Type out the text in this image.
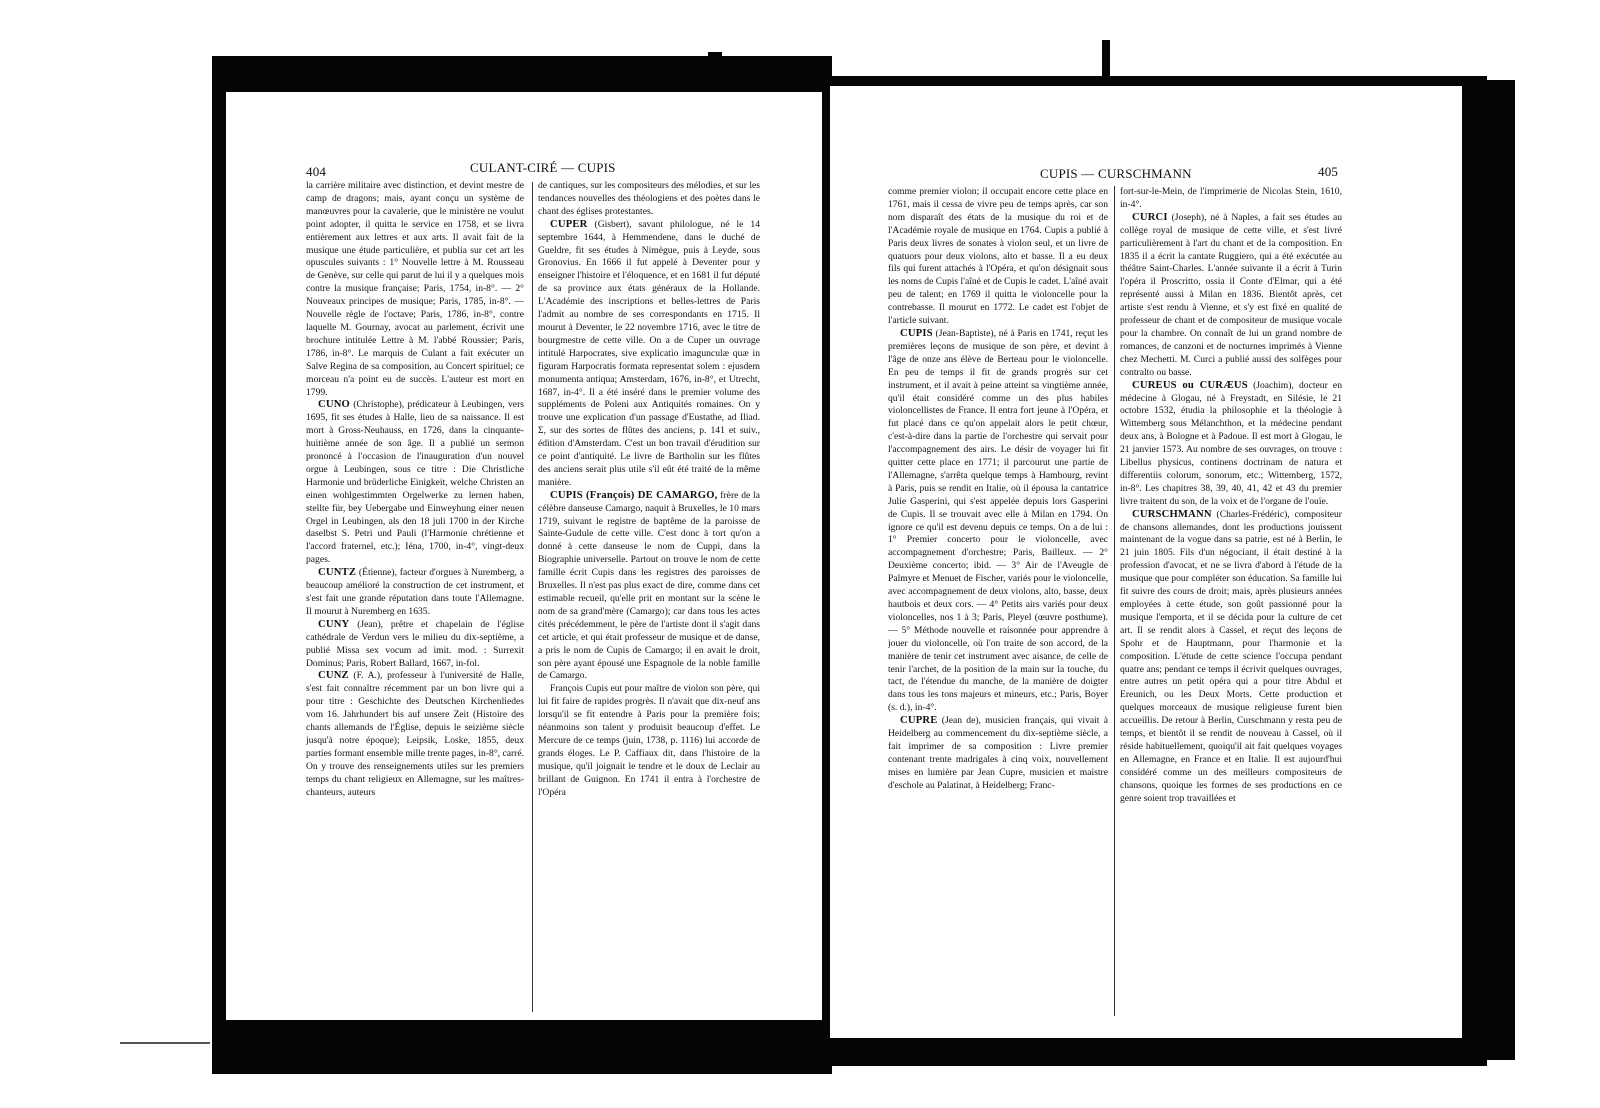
404	CULANT-CIRÉ — CUPIS

la carrière militaire avec distinction, et devint mestre de camp de dragons; mais, ayant conçu un système de manœuvres pour la cavalerie, que le ministère ne voulut point adopter, il quitta le service en 1758, et se livra entièrement aux lettres et aux arts. Il avait fait de la musique une étude particulière, et publia sur cet art les opuscules suivants : 1° Nouvelle lettre à M. Rousseau de Genève, sur celle qui parut de lui il y a quelques mois contre la musique française; Paris, 1754, in-8°. — 2° Nouveaux principes de musique; Paris, 1785, in-8°. — Nouvelle règle de l'octave; Paris, 1786, in-8°, contre laquelle M. Gournay, avocat au parlement, écrivit une brochure intitulée Lettre à M. l'abbé Roussier; Paris, 1786, in-8°. Le marquis de Culant a fait exécuter un Salve Regina de sa composition, au Concert spirituel; ce morceau n'a point eu de succès. L'auteur est mort en 1799.

CUNO (Christophe), prédicateur à Leubingen, vers 1695, fit ses études à Halle, lieu de sa naissance. Il est mort à Gross-Neuhauss, en 1726, dans la cinquante-huitième année de son âge. Il a publié un sermon prononcé à l'occasion de l'inauguration d'un nouvel orgue à Leubingen, sous ce titre : Die Christliche Harmonie und brüderliche Einigkeit, welche Christen an einen wohlgestimmten Orgelwerke zu lernen haben, stellte für, bey Uebergabe und Einweyhung einer neuen Orgel in Leubingen, als den 18 juli 1700 in der Kirche daselbst S. Petri und Pauli (l'Harmonie chrétienne et l'accord fraternel, etc.); Iéna, 1700, in-4°, vingt-deux pages.

CUNTZ (Étienne), facteur d'orgues à Nuremberg, a beaucoup amélioré la construction de cet instrument, et s'est fait une grande réputation dans toute l'Allemagne. Il mourut à Nuremberg en 1635.

CUNY (Jean), prêtre et chapelain de l'église cathédrale de Verdun vers le milieu du dix-septième, a publié Missa sex vocum ad imit. mod. : Surrexit Dominus; Paris, Robert Ballard, 1667, in-fol.

CUNZ (F. A.), professeur à l'université de Halle, s'est fait connaître récemment par un bon livre qui a pour titre : Geschichte des Deutschen Kirchenliedes vom 16. Jahrhundert bis auf unsere Zeit (Histoire des chants allemands de l'Église, depuis le seizième siècle jusqu'à notre époque); Leipsik, Loske, 1855, deux parties formant ensemble mille trente pages, in-8°, carré. On y trouve des renseignements utiles sur les premiers temps du chant religieux en Allemagne, sur les maîtres-chanteurs, auteurs

de cantiques, sur les compositeurs des mélodies, et sur les tendances nouvelles des théologiens et des poètes dans le chant des églises protestantes.

CUPER (Gisbert), savant philologue, né le 14 septembre 1644, à Hemmendene, dans le duché de Gueldre, fit ses études à Nimègue, puis à Leyde, sous Gronovius. En 1666 il fut appelé à Deventer pour y enseigner l'histoire et l'éloquence, et en 1681 il fut député de sa province aux états généraux de la Hollande. L'Académie des inscriptions et belles-lettres de Paris l'admit au nombre de ses correspondants en 1715. Il mourut à Deventer, le 22 novembre 1716, avec le titre de bourgmestre de cette ville. On a de Cuper un ouvrage intitulé Harpocrates, sive explicatio imagunculæ quæ in figuram Harpocratis formata representat solem : ejusdem monumenta antiqua; Amsterdam, 1676, in-8°, et Utrecht, 1687, in-4°. Il a été inséré dans le premier volume des suppléments de Poleni aux Antiquités romaines. On y trouve une explication d'un passage d'Eustathe, ad Iliad. Σ, sur des sortes de flûtes des anciens, p. 141 et suiv., édition d'Amsterdam. C'est un bon travail d'érudition sur ce point d'antiquité. Le livre de Bartholin sur les flûtes des anciens serait plus utile s'il eût été traité de la même manière.

CUPIS (François) DE CAMARGO, frère de la célèbre danseuse Camargo, naquit à Bruxelles, le 10 mars 1719, suivant le registre de baptême de la paroisse de Sainte-Gudule de cette ville. C'est donc à tort qu'on a donné à cette danseuse le nom de Cuppi, dans la Biographie universelle. Partout on trouve le nom de cette famille écrit Cupis dans les registres des paroisses de Bruxelles. Il n'est pas plus exact de dire, comme dans cet estimable recueil, qu'elle prit en montant sur la scène le nom de sa grand'mère (Camargo); car dans tous les actes cités précédemment, le père de l'artiste dont il s'agit dans cet article, et qui était professeur de musique et de danse, a pris le nom de Cupis de Camargo; il en avait le droit, son père ayant épousé une Espagnole de la noble famille de Camargo.

François Cupis eut pour maître de violon son père, qui lui fit faire de rapides progrès. Il n'avait que dix-neuf ans lorsqu'il se fit entendre à Paris pour la première fois; néanmoins son talent y produisit beaucoup d'effet. Le Mercure de ce temps (juin, 1738, p. 1116) lui accorde de grands éloges. Le P. Caffiaux dit, dans l'histoire de la musique, qu'il joignait le tendre et le doux de Leclair au brillant de Guignon. En 1741 il entra à l'orchestre de l'Opéra

CUPIS — CURSCHMANN	405

comme premier violon; il occupait encore cette place en 1761, mais il cessa de vivre peu de temps après, car son nom disparaît des états de la musique du roi et de l'Académie royale de musique en 1764. Cupis a publié à Paris deux livres de sonates à violon seul, et un livre de quatuors pour deux violons, alto et basse. Il a eu deux fils qui furent attachés à l'Opéra, et qu'on désignait sous les noms de Cupis l'aîné et de Cupis le cadet. L'aîné avait peu de talent; en 1769 il quitta le violoncelle pour la contrebasse. Il mourut en 1772. Le cadet est l'objet de l'article suivant.

CUPIS (Jean-Baptiste), né à Paris en 1741, reçut les premières leçons de musique de son père, et devint à l'âge de onze ans élève de Berteau pour le violoncelle. En peu de temps il fit de grands progrès sur cet instrument, et il avait à peine atteint sa vingtième année, qu'il était considéré comme un des plus habiles violoncellistes de France. Il entra fort jeune à l'Opéra, et fut placé dans ce qu'on appelait alors le petit chœur, c'est-à-dire dans la partie de l'orchestre qui servait pour l'accompagnement des airs. Le désir de voyager lui fit quitter cette place en 1771; il parcourut une partie de l'Allemagne, s'arrêta quelque temps à Hambourg, revint à Paris, puis se rendit en Italie, où il épousa la cantatrice Julie Gasperini, qui s'est appelée depuis lors Gasperini de Cupis. Il se trouvait avec elle à Milan en 1794. On ignore ce qu'il est devenu depuis ce temps. On a de lui : 1° Premier concerto pour le violoncelle, avec accompagnement d'orchestre; Paris, Bailleux. — 2° Deuxième concerto; ibid. — 3° Air de l'Aveugle de Palmyre et Menuet de Fischer, variés pour le violoncelle, avec accompagnement de deux violons, alto, basse, deux hautbois et deux cors. — 4° Petits airs variés pour deux violoncelles, nos 1 à 3; Paris, Pleyel (œuvre posthume). — 5° Méthode nouvelle et raisonnée pour apprendre à jouer du violoncelle, où l'on traite de son accord, de la manière de tenir cet instrument avec aisance, de celle de tenir l'archet, de la position de la main sur la touche, du tact, de l'étendue du manche, de la manière de doigter dans tous les tons majeurs et mineurs, etc.; Paris, Boyer (s. d.), in-4°.

CUPRE (Jean de), musicien français, qui vivait à Heidelberg au commencement du dix-septième siècle, a fait imprimer de sa composition : Livre premier contenant trente madrigales à cinq voix, nouvellement mises en lumière par Jean Cupre, musicien et maistre d'eschole au Palatinat, à Heidelberg; Franc-

fort-sur-le-Mein, de l'imprimerie de Nicolas Stein, 1610, in-4°.

CURCI (Joseph), né à Naples, a fait ses études au collège royal de musique de cette ville, et s'est livré particulièrement à l'art du chant et de la composition. En 1835 il a écrit la cantate Ruggiero, qui a été exécutée au théâtre Saint-Charles. L'année suivante il a écrit à Turin l'opéra il Proscritto, ossia il Conte d'Elmar, qui a été représenté aussi à Milan en 1836. Bientôt après, cet artiste s'est rendu à Vienne, et s'y est fixé en qualité de professeur de chant et de compositeur de musique vocale pour la chambre. On connaît de lui un grand nombre de romances, de canzoni et de nocturnes imprimés à Vienne chez Mechetti. M. Curci a publié aussi des solfèges pour contralto ou basse.

CUREUS ou CURÆUS (Joachim), docteur en médecine à Glogau, né à Freystadt, en Silésie, le 21 octobre 1532, étudia la philosophie et la théologie à Wittemberg sous Mélanchthon, et la médecine pendant deux ans, à Bologne et à Padoue. Il est mort à Glogau, le 21 janvier 1573. Au nombre de ses ouvrages, on trouve : Libellus physicus, continens doctrinam de natura et differentiis colorum, sonorum, etc.; Wittemberg, 1572, in-8°. Les chapitres 38, 39, 40, 41, 42 et 43 du premier livre traitent du son, de la voix et de l'organe de l'ouïe.

CURSCHMANN (Charles-Frédéric), compositeur de chansons allemandes, dont les productions jouissent maintenant de la vogue dans sa patrie, est né à Berlin, le 21 juin 1805. Fils d'un négociant, il était destiné à la profession d'avocat, et ne se livra d'abord à l'étude de la musique que pour compléter son éducation. Sa famille lui fit suivre des cours de droit; mais, après plusieurs années employées à cette étude, son goût passionné pour la musique l'emporta, et il se décida pour la culture de cet art. Il se rendit alors à Cassel, et reçut des leçons de Spohr et de Hauptmann, pour l'harmonie et la composition. L'étude de cette science l'occupa pendant quatre ans; pendant ce temps il écrivit quelques ouvrages, entre autres un petit opéra qui a pour titre Abdul et Ereunich, ou les Deux Morts. Cette production et quelques morceaux de musique religieuse furent bien accueillis. De retour à Berlin, Curschmann y resta peu de temps, et bientôt il se rendit de nouveau à Cassel, où il réside habituellement, quoiqu'il ait fait quelques voyages en Allemagne, en France et en Italie. Il est aujourd'hui considéré comme un des meilleurs compositeurs de chansons, quoique les formes de ses productions en ce genre soient trop travaillées et
